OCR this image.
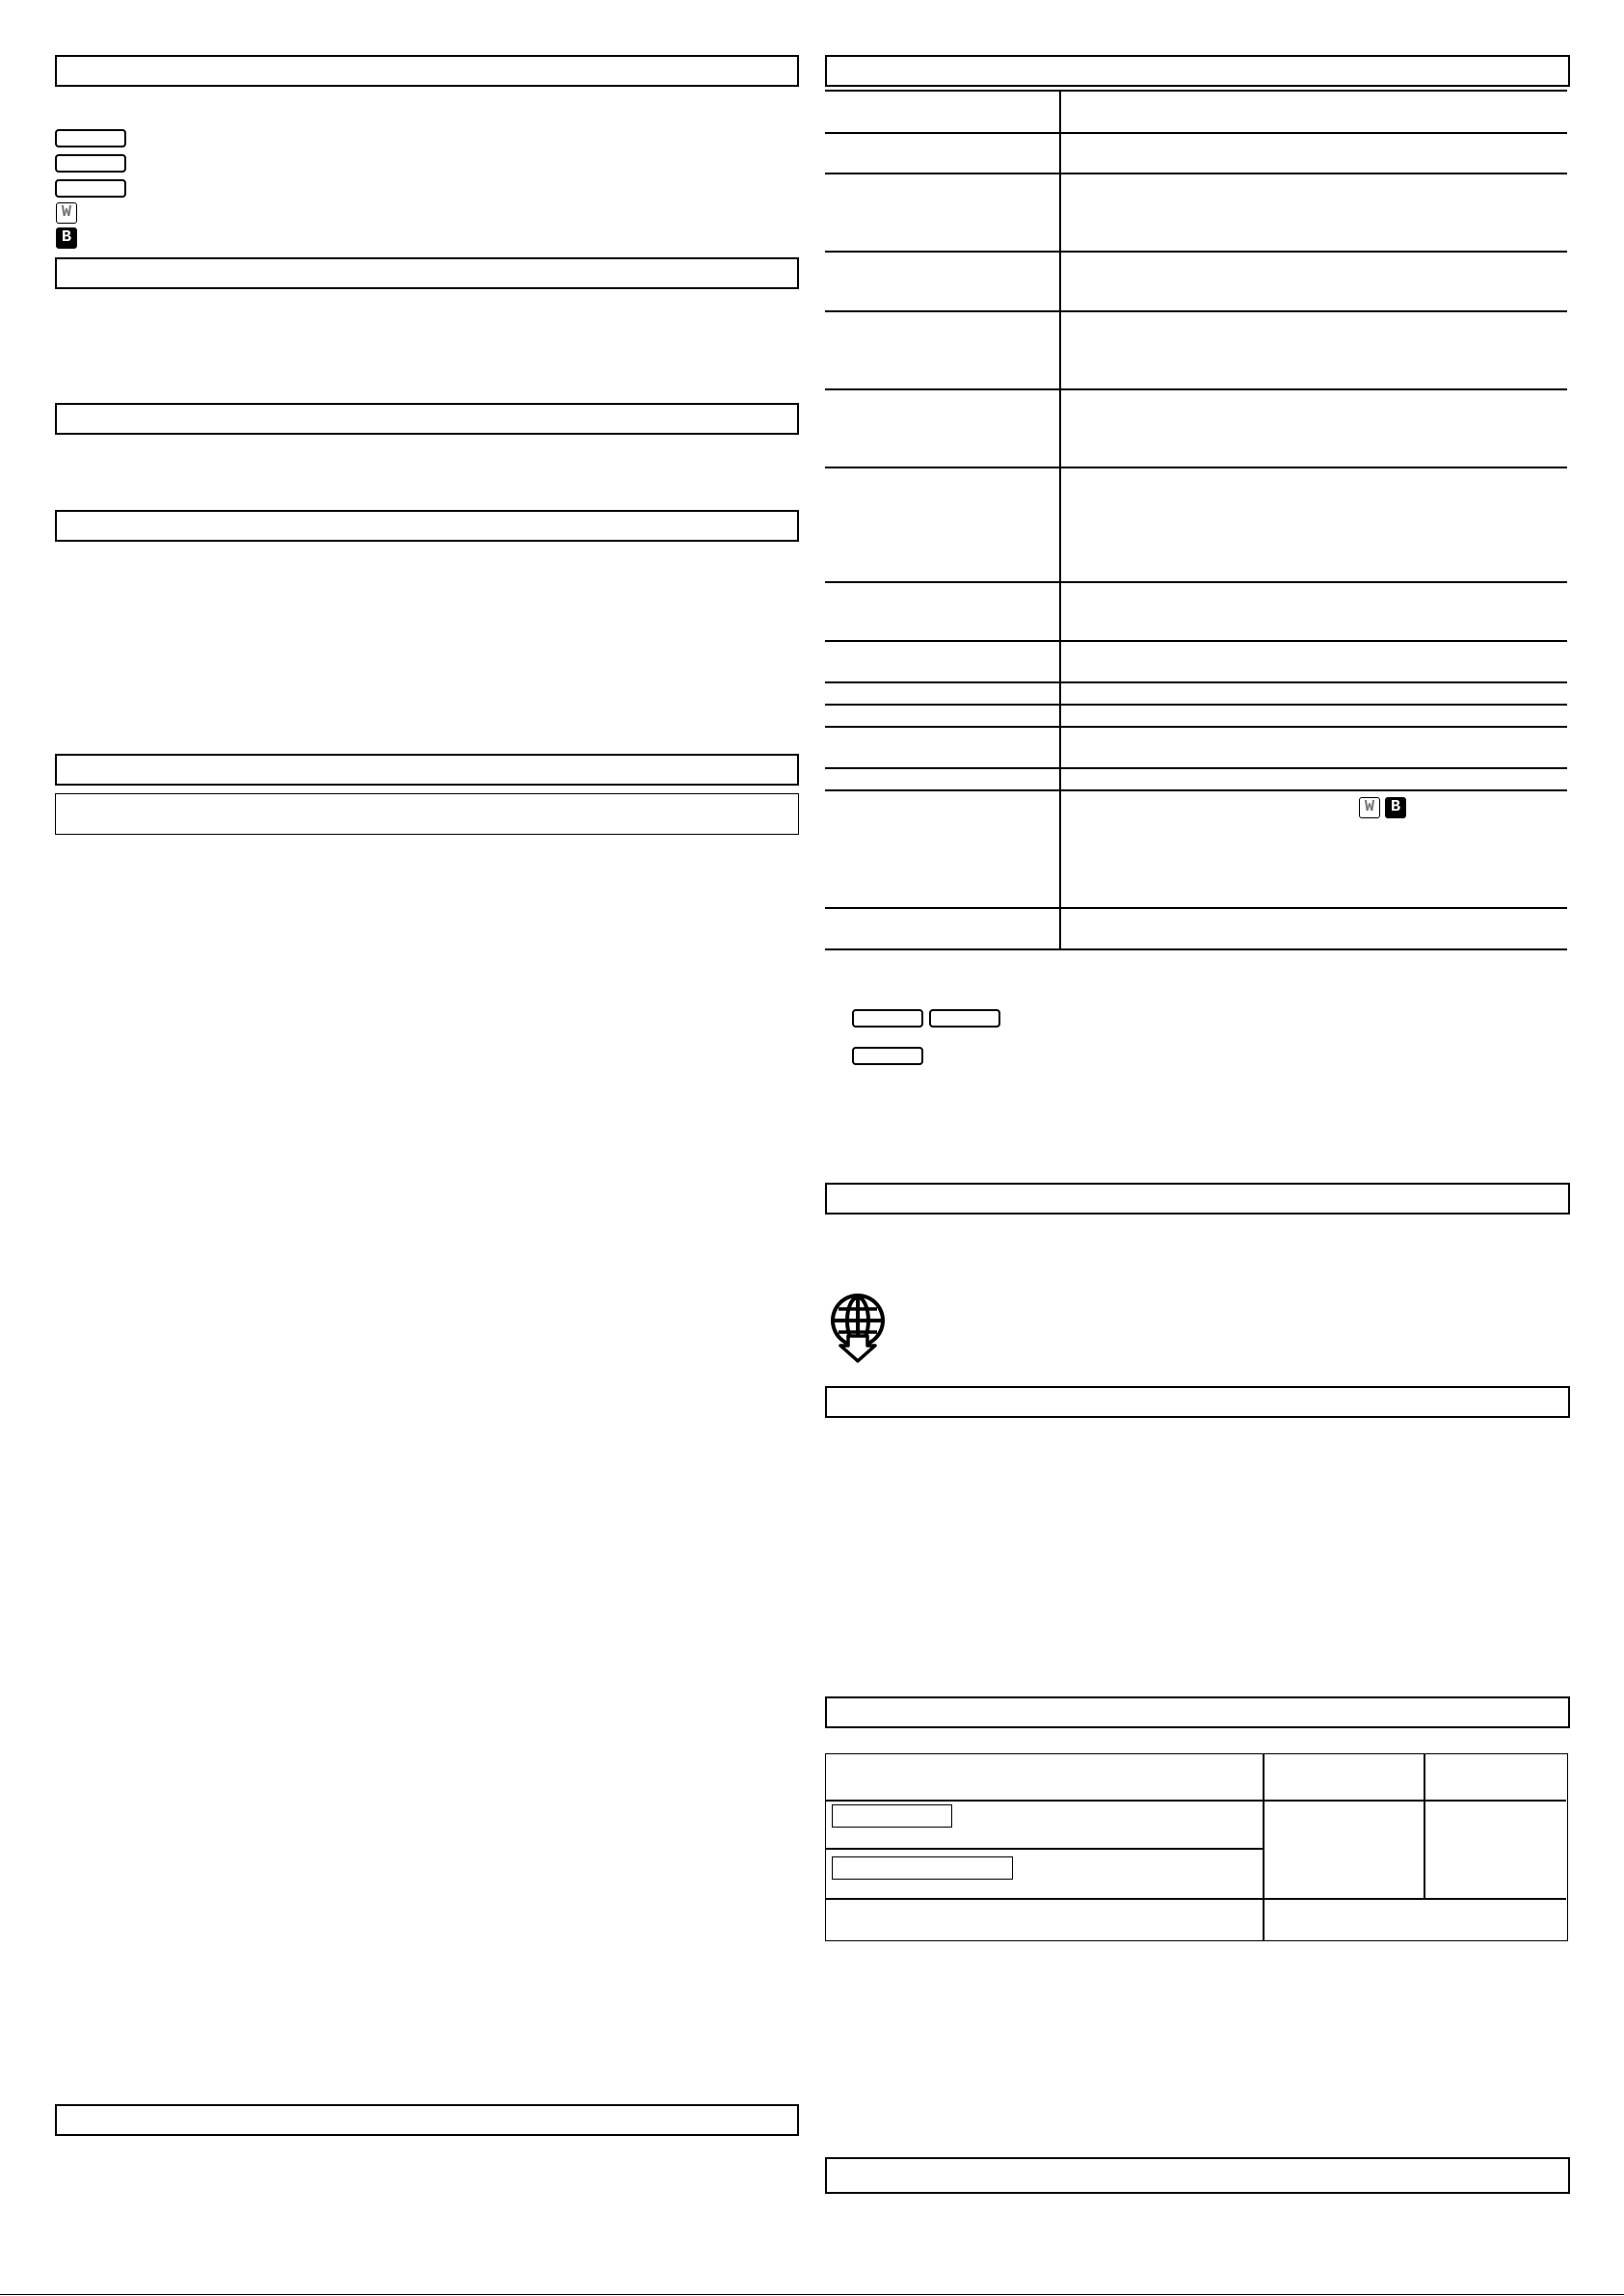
W
B
W B
